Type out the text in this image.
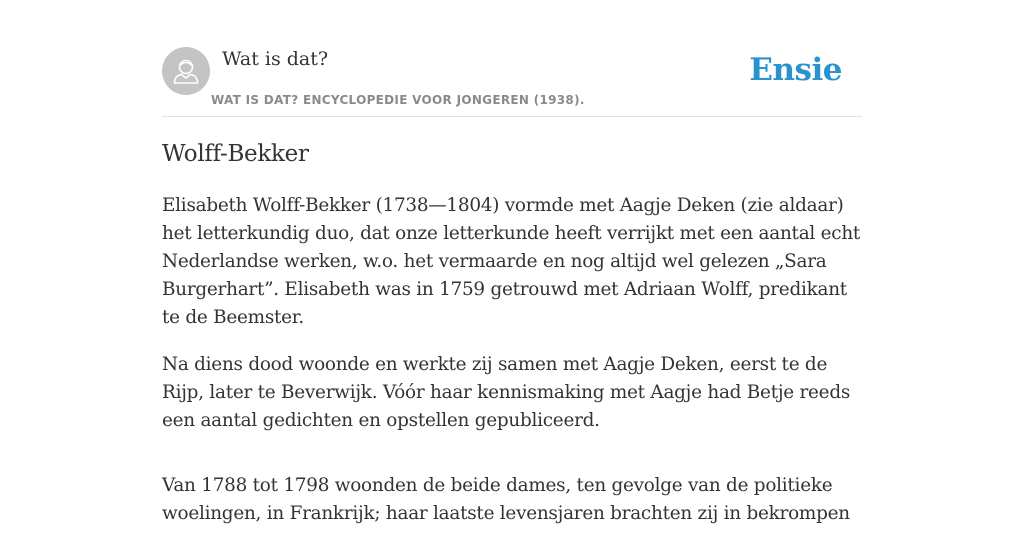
Wat is dat?
WAT IS DAT? ENCYCLOPEDIE VOOR JONGEREN (1938).
Ensie
Wolff-Bekker

Elisabeth Wolff-Bekker (1738—1804) vormde met Aagje Deken (zie aldaar) het letterkundig duo, dat onze letterkunde heeft verrijkt met een aantal echt Nederlandse werken, w.o. het vermaarde en nog altijd wel gelezen „Sara Burgerhart”. Elisabeth was in 1759 getrouwd met Adriaan Wolff, predikant te de Beemster.

Na diens dood woonde en werkte zij samen met Aagje Deken, eerst te de Rijp, later te Beverwijk. Vóór haar kennismaking met Aagje had Betje reeds een aantal gedichten en opstellen gepubliceerd.

Van 1788 tot 1798 woonden de beide dames, ten gevolge van de politieke woelingen, in Frankrijk; haar laatste levensjaren brachten zij in bekrompen
